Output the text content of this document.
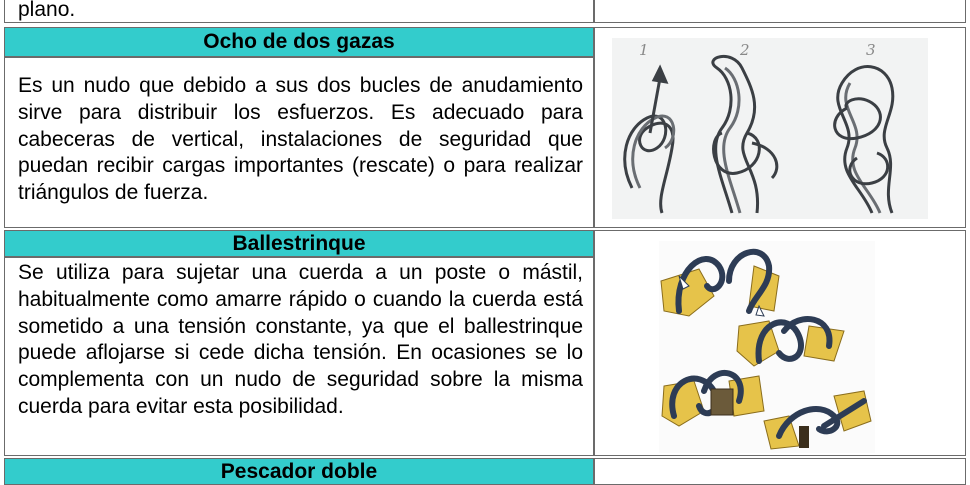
plano.
Ocho de dos gazas
Es un nudo que debido a sus dos bucles de anudamiento sirve para distribuir los esfuerzos. Es adecuado para cabeceras de vertical, instalaciones de seguridad que puedan recibir cargas importantes (rescate) o para realizar triángulos de fuerza.
1	2	3
Ballestrinque
Se utiliza para sujetar una cuerda a un poste o mástil, habitualmente como amarre rápido o cuando la cuerda está sometido a una tensión constante, ya que el ballestrinque puede aflojarse si cede dicha tensión. En ocasiones se lo complementa con un nudo de seguridad sobre la misma cuerda para evitar esta posibilidad.
Pescador doble
